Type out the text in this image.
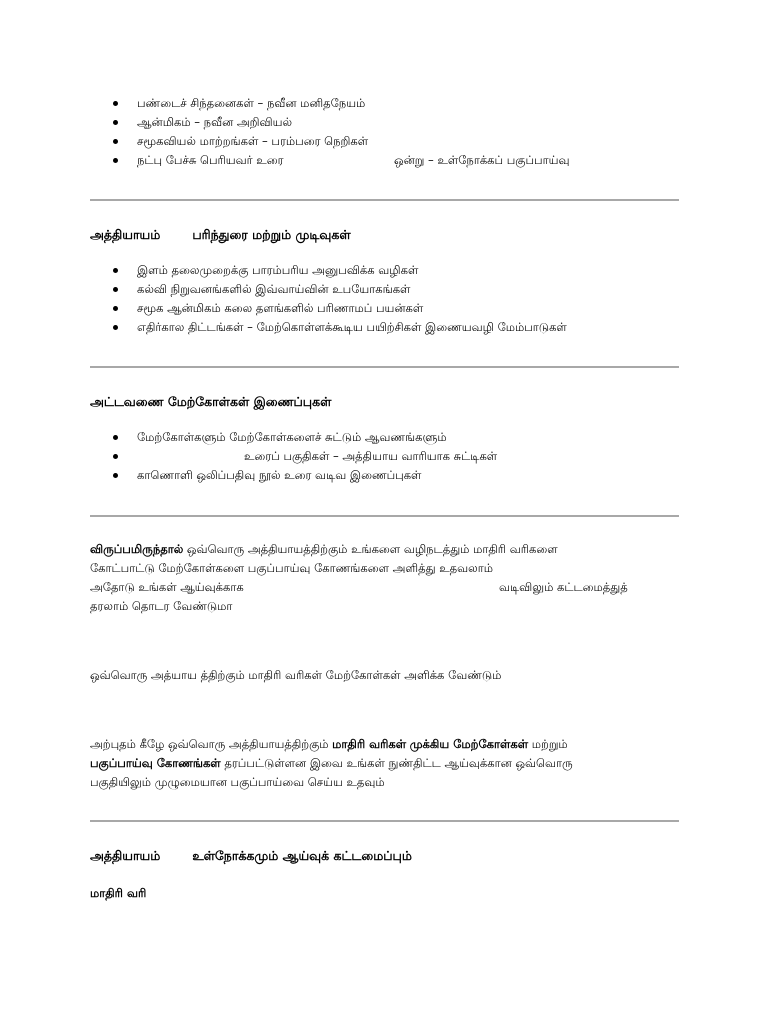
பண்டைச் சிந்தனைகள் – நவீன மனிதநேயம்
ஆன்மிகம் – நவீன அறிவியல்
சமூகவியல் மாற்றங்கள் – பரம்பரை நெறிகள்
நட்பு பேச்சு பெரியவர் உரை	ஒன்று – உள்நோக்கப் பகுப்பாய்வு
அத்தியாயம்	பரிந்துரை மற்றும் முடிவுகள்
இளம் தலைமுறைக்கு பாரம்பரிய அனுபவிக்க வழிகள்
கல்வி நிறுவனங்களில் இவ்வாய்வின் உபயோகங்கள்
சமூக ஆன்மிகம் கலை தளங்களில் பரிணாமப் பயன்கள்
எதிர்கால திட்டங்கள் – மேற்கொள்ளக்கூடிய பயிற்சிகள் இணையவழி மேம்பாடுகள்
அட்டவணை மேற்கோள்கள் இணைப்புகள்
மேற்கோள்களும் மேற்கோள்களைச் சுட்டும் ஆவணங்களும்
உரைப் பகுதிகள் – அத்தியாய வாரியாக சுட்டிகள்
காணொளி ஒலிப்பதிவு நூல் உரை வடிவ இணைப்புகள்
விருப்பமிருந்தால் ஒவ்வொரு அத்தியாயத்திற்கும் உங்களை வழிநடத்தும் மாதிரி வரிகளை
கோட்பாட்டு மேற்கோள்களை பகுப்பாய்வு கோணங்களை அளித்து உதவலாம்
அதோடு உங்கள் ஆய்வுக்காக	வடிவிலும் கட்டமைத்துத்
தரலாம் தொடர வேண்டுமா
ஒவ்வொரு அத்யாய த்திற்கும் மாதிரி வரிகள் மேற்கோள்கள் அளிக்க வேண்டும்
அற்புதம் கீழே ஒவ்வொரு அத்தியாயத்திற்கும் மாதிரி வரிகள் முக்கிய மேற்கோள்கள் மற்றும்
பகுப்பாய்வு கோணங்கள் தரப்பட்டுள்ளன இவை உங்கள் நுண்திட்ட ஆய்வுக்கான ஒவ்வொரு
பகுதியிலும் முழுமையான பகுப்பாய்வை செய்ய உதவும்
அத்தியாயம்	உள்நோக்கமும் ஆய்வுக் கட்டமைப்பும்
மாதிரி வரி
